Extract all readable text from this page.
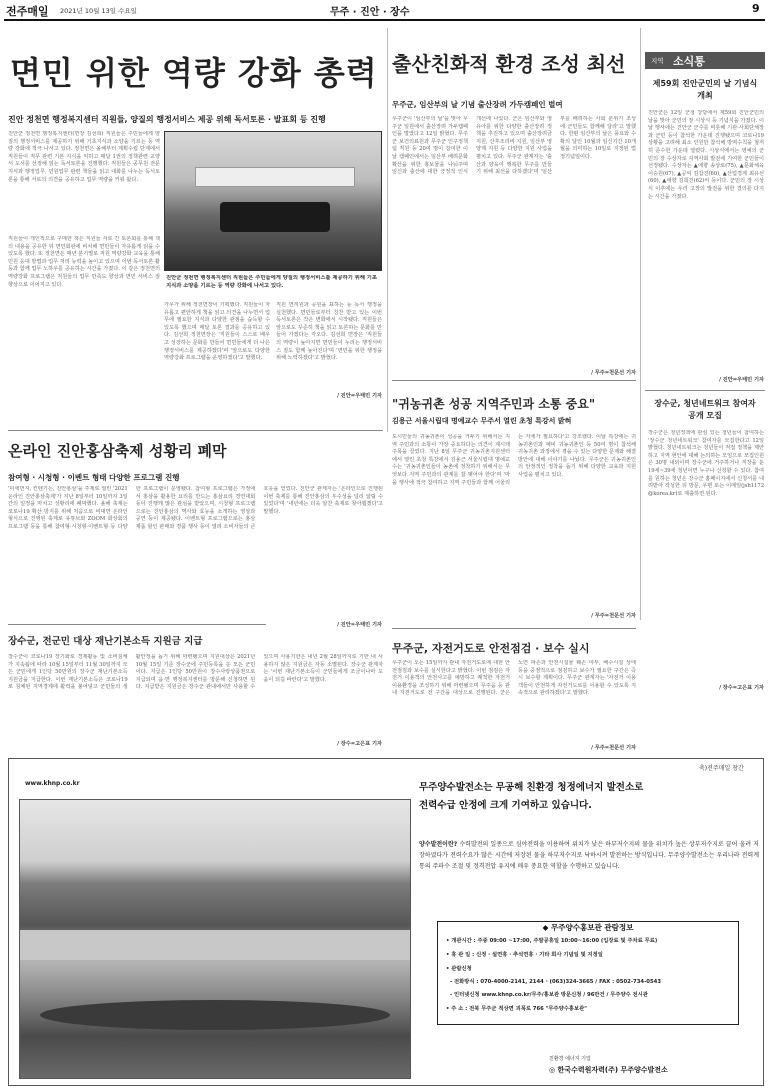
전주매일 2021년 10월 13일 수요일	무주 · 진안 · 장수	9
면민 위한 역량 강화 총력
진안 정천면 행정복지센터 직원들, 양질의 행정서비스 제공 위해 독서토론 · 발표회 등 진행
진안군 정천면 행정복지센터(면장 김선희) 직원들은 주민들에게 양질의 행정서비스를 제공하기 위해 기초지식과 소양을 기르는 등 역량 강화에 적극 나서고 있다. 정천면은 올해부터 계획수립 단계에서 직원들이 직무 관련 기본 지식을 익히고 매달 1권의 정책관련 교양서 도서를 선정해 읽는 독서토론을 진행했다. 직원들은 공무원 전문지식과 행정업무, 민원업무 관련 책들을 읽고 대화를 나누는 독서토론을 통해 서로의 의견을 공유하고 업무 역량을 키워 왔다.
진안군 정천면 행정복지센터 직원들은 주민들에게 양질의 행정서비스를 제공하기 위해 기초지식과 소양을 기르는 등 역량 강화에 나서고 있다.
직원들이 개인적으로 구매한 책은 직원들 서로 간 토론회를 통해 책의 내용을 공유한 뒤 면민회관에 비치해 면민들이 자유롭게 읽을 수 있도록 했다. 또 정천면은 매년 분기별로 직원 역량강화 교육을 통해 민원 응대 방법과 업무 처리 능력을 높이고 있으며 이번 독서토론 활동과 함께 업무 노하우를 공유하는 시간을 가졌다. 이 같은 정천면의 역량강화 프로그램은 직원들의 업무 만족도 향상과 면민 서비스 질 향상으로 이어지고 있다.
가우가 위해 정천면장이 기획했다. 직원들이 자유롭고 편안하게 책을 읽고 의견을 나누면서 업무에 필요한 지식과 다양한 관점을 습득할 수 있도록 했으며 매달 토론 결과를 공유하고 있다. 김선희 정천면장은 '직원들이 스스로 배우고 성장하는 문화를 만들어 면민들에게 더 나은 행정서비스를 제공하겠다'며 '앞으로도 다양한 역량강화 프로그램을 운영하겠다'고 말했다.
직원 면직원과 공원을 표하는 등 독서 행정을 실천했다. 면민들로부터 칭찬 받고 있는 이번 독서토론은 작은 변화에서 시작됐다. 직원들은 앞으로도 꾸준히 책을 읽고 토론하는 문화를 만들어 가겠다는 각오다. 김선희 면장은 '직원들의 역량이 높아지면 면민들이 누리는 행정서비스 질도 함께 높아진다'며 '면민을 위한 행정을 위해 노력하겠다'고 밝혔다.
/ 진안=우태민 기자
출산친화적 환경 조성 최선
무주군, 임산부의 날 기념 출산장려 가두캠페인 벌여
무주군이 '임산부의 날'을 맞아 무주군 일원에서 출산장려 가두캠페인을 벌였다고 12일 밝혔다. 무주군 보건의료원과 무주군 인구정책팀 직원 등 20여 명이 참여한 이날 캠페인에서는 임산부 배려문화 확산을 위한 홍보물을 나눠주며 임신과 출산에 대한 긍정적 인식 개선에 나섰다. 군은 임산부와 영유아를 위한 다양한 출산장려 정책을 추진하고 있으며 출산장려금 지원, 산후조리비 지원, 임산부 영양제 지원 등 다양한 지원 사업을 펼치고 있다. 무주군 관계자는 '출산과 양육이 행복한 무주를 만들기 위해 최선을 다하겠다'며 '임산부를 배려하는 사회 분위기 조성에 군민들도 함께해 달라'고 말했다. 한편 임산부의 날은 풍요와 수확의 달인 10월과 임신기간 10개월을 의미하는 10일로 지정된 법정기념일이다.
/ 무주=천문선 기자
지역 소식통
제59회 진안군민의 날 기념식 개최
진안군은 12일 군청 강당에서 제59회 진안군민의 날을 맞아 군민의 장 시상식 등 기념식을 가졌다. 이날 행사에는 진안군 군수를 비롯해 기관·사회단체장과 군민 등이 참석한 가운데 진행됐으며 코로나19 상황을 고려해 최소 인원만 참석해 방역수칙을 철저히 준수한 가운데 열렸다. 시상식에서는 영예의 군민의 장 수상자로 지역사회 발전에 기여한 군민들이 선정됐다. 수상자는 ▲애향 송상로(75), ▲문화체육 이승원(67), ▲공익 김갑진(60), ▲산업경제 최유선(60), ▲애향 김희진(62)씨 등이다. 군민의 장 시상식 이후에는 우리 고장의 발전을 위한 결의를 다지는 시간을 가졌다.
/ 진안=우태민 기자
장수군, 청년네트워크 참여자 공개 모집
장수군은 청년정책에 관심 있는 청년들이 참여하는 '장수군 청년네트워크' 참여자를 모집한다고 12일 밝혔다. 청년네트워크는 청년들이 직접 정책을 제안하고 지역 현안에 대해 논의하는 모임으로 모집인원은 30명 내외이며 장수군에 거주하거나 직장을 둔 19세~39세 청년이면 누구나 신청할 수 있다. 참여를 원하는 청년은 장수군 홈페이지에서 신청서를 내려받아 작성한 뒤 방문, 우편 또는 이메일(jsh1172@korea.kr)로 제출하면 된다.
/ 장수=고은표 기자
"귀농귀촌 성공 지역주민과 소통 중요"
김용근 서울시립대 명예교수 무주서 열린 초청 특강서 밝혀
도시민들의 귀농귀촌이 성공을 거두기 위해서는 지역 주민과의 소통이 가장 중요하다는 의견이 제시돼 주목을 끌었다. 지난 8일 무주군 귀농귀촌지원센터에서 열린 초청 특강에서 김용근 서울시립대 명예교수는 '귀농귀촌인들이 농촌에 정착하기 위해서는 무엇보다 지역 주민과의 관계를 잘 맺어야 한다'며 '마을 행사에 적극 참여하고 지역 주민들과 함께 어울리는 자세가 필요하다'고 강조했다. 이날 특강에는 귀농귀촌인과 예비 귀농귀촌인 등 50여 명이 참석해 귀농귀촌 과정에서 겪을 수 있는 다양한 문제와 해결 방안에 대해 이야기를 나눴다. 무주군은 귀농귀촌인의 안정적인 정착을 돕기 위해 다양한 교육과 지원 사업을 펼치고 있다.
/ 무주=천문선 기자
온라인 진안홍삼축제 성황리 폐막
참여형 · 시청형 · 이벤트 형태 다양한 프로그램 진행
'미세먼지, 킨텐기는, 진안홍삼'을 주제로 열린 '2021 온라인 진안홍삼축제'가 지난 8일부터 10일까지 3일간의 일정을 마치고 성황리에 폐막했다. 올해 축제는 코로나19 확산 방지를 위해 처음으로 비대면 온라인 형식으로 진행된 축제로 유튜브와 ZOOM 화상회의 프로그램 등을 통해 참여형·시청형·이벤트형 등 다양한 프로그램이 운영됐다. 참여형 프로그램은 가정에서 홍삼을 활용한 요리를 만드는 홍삼요리 경연대회 등이 진행돼 많은 관심을 받았으며, 시청형 프로그램으로는 진안홍삼의 역사와 효능을 소개하는 영상과 공연 등이 제공됐다. 이벤트형 프로그램으로는 홍삼 제품 할인 판매와 경품 행사 등이 열려 소비자들의 큰 호응을 얻었다. 진안군 관계자는 '온라인으로 진행된 이번 축제를 통해 진안홍삼의 우수성을 널리 알릴 수 있었다'며 '내년에는 더욱 알찬 축제로 찾아뵙겠다'고 말했다.
/ 진안=우태민 기자
장수군, 전군민 대상 재난기본소득 지원금 지급
장수군이 코로나19 장기화로 경제활동 및 소비침체가 지속됨에 따라 10월 15일부터 11월 30일까지 모든 군민에게 1인당 50만원의 장수군 재난기본소득 지원금을 지급한다. 이번 재난기본소득은 코로나19로 침체된 지역경제에 활력을 불어넣고 군민들의 생활안정을 돕기 위해 마련됐으며 지원대상은 2021년 10월 15일 기준 장수군에 주민등록을 둔 모든 군민이다. 지급은 1인당 50만원이 장수사랑상품권으로 지급되며 읍·면 행정복지센터를 방문해 신청하면 된다. 지급받은 지원금은 장수군 관내에서만 사용할 수 있으며 사용기한은 내년 2월 28일까지로 기한 내 사용하지 않은 지원금은 자동 소멸된다. 장수군 관계자는 '이번 재난기본소득이 군민들에게 조금이나마 도움이 되길 바란다'고 말했다.
/ 장수=고은표 기자
무주군, 자전거도로 안전점검 · 보수 실시
무주군이 오는 15일까지 관내 자전거도로에 대한 안전점검과 보수를 실시한다고 밝혔다. 이번 점검은 자전거 이용객의 안전사고를 예방하고 쾌적한 자전거 이용환경을 조성하기 위해 마련됐으며 무주읍 등 관내 자전거도로 전 구간을 대상으로 진행된다. 군은 노면 파손과 안전시설물 훼손 여부, 배수시설 상태 등을 중점적으로 점검하고 보수가 필요한 구간은 즉시 보수할 계획이다. 무주군 관계자는 '자전거 이용객들이 안전하게 자전거도로를 이용할 수 있도록 지속적으로 관리하겠다'고 말했다.
/ 무주=천문선 기자
축)전주매일 창간
www.khnp.co.kr	무주양수발전소는 무공해 친환경 청정에너지 발전소로
전력수급 안정에 크게 기여하고 있습니다.
양수발전이란? 수력발전의 일종으로 심야전력을 이용하여 위치가 낮은 하부저수지의 물을 위치가 높은 상부저수지로 끌어 올려 저장하였다가 전력수요가 많은 시간에 저장된 물을 하부저수지로 낙하시켜 발전하는 방식입니다. 무주양수발전소는 우리나라 전력계통의 주파수 조절 및 정격전압 유지에 매우 중요한 역할을 수행하고 있습니다.
◆ 무주양수홍보관 관람정보
• 개관시간 : 주중 09:00 ~17:00, 주말공휴일 10:00~16:00 (입장료 및 주차료 무료)
• 휴 관 일 : 신정 · 설연휴 · 추석연휴 · 기타 회사 기념일 및 지정일
• 관람신청
- 전화방식 : 070-4000-2141, 2144 · (063)324-3665 / FAX : 0502-734-0543
- 인터넷신청 www.khnp.co.kr/무주/홍보관 방문신청 / 96만건 / 무주양수 전시관
• 주 소 : 전북 무주군 적상면 괴목로 766 "무주양수홍보관"
친환경 에너지 기업
◎ 한국수력원자력(주) 무주양수발전소
